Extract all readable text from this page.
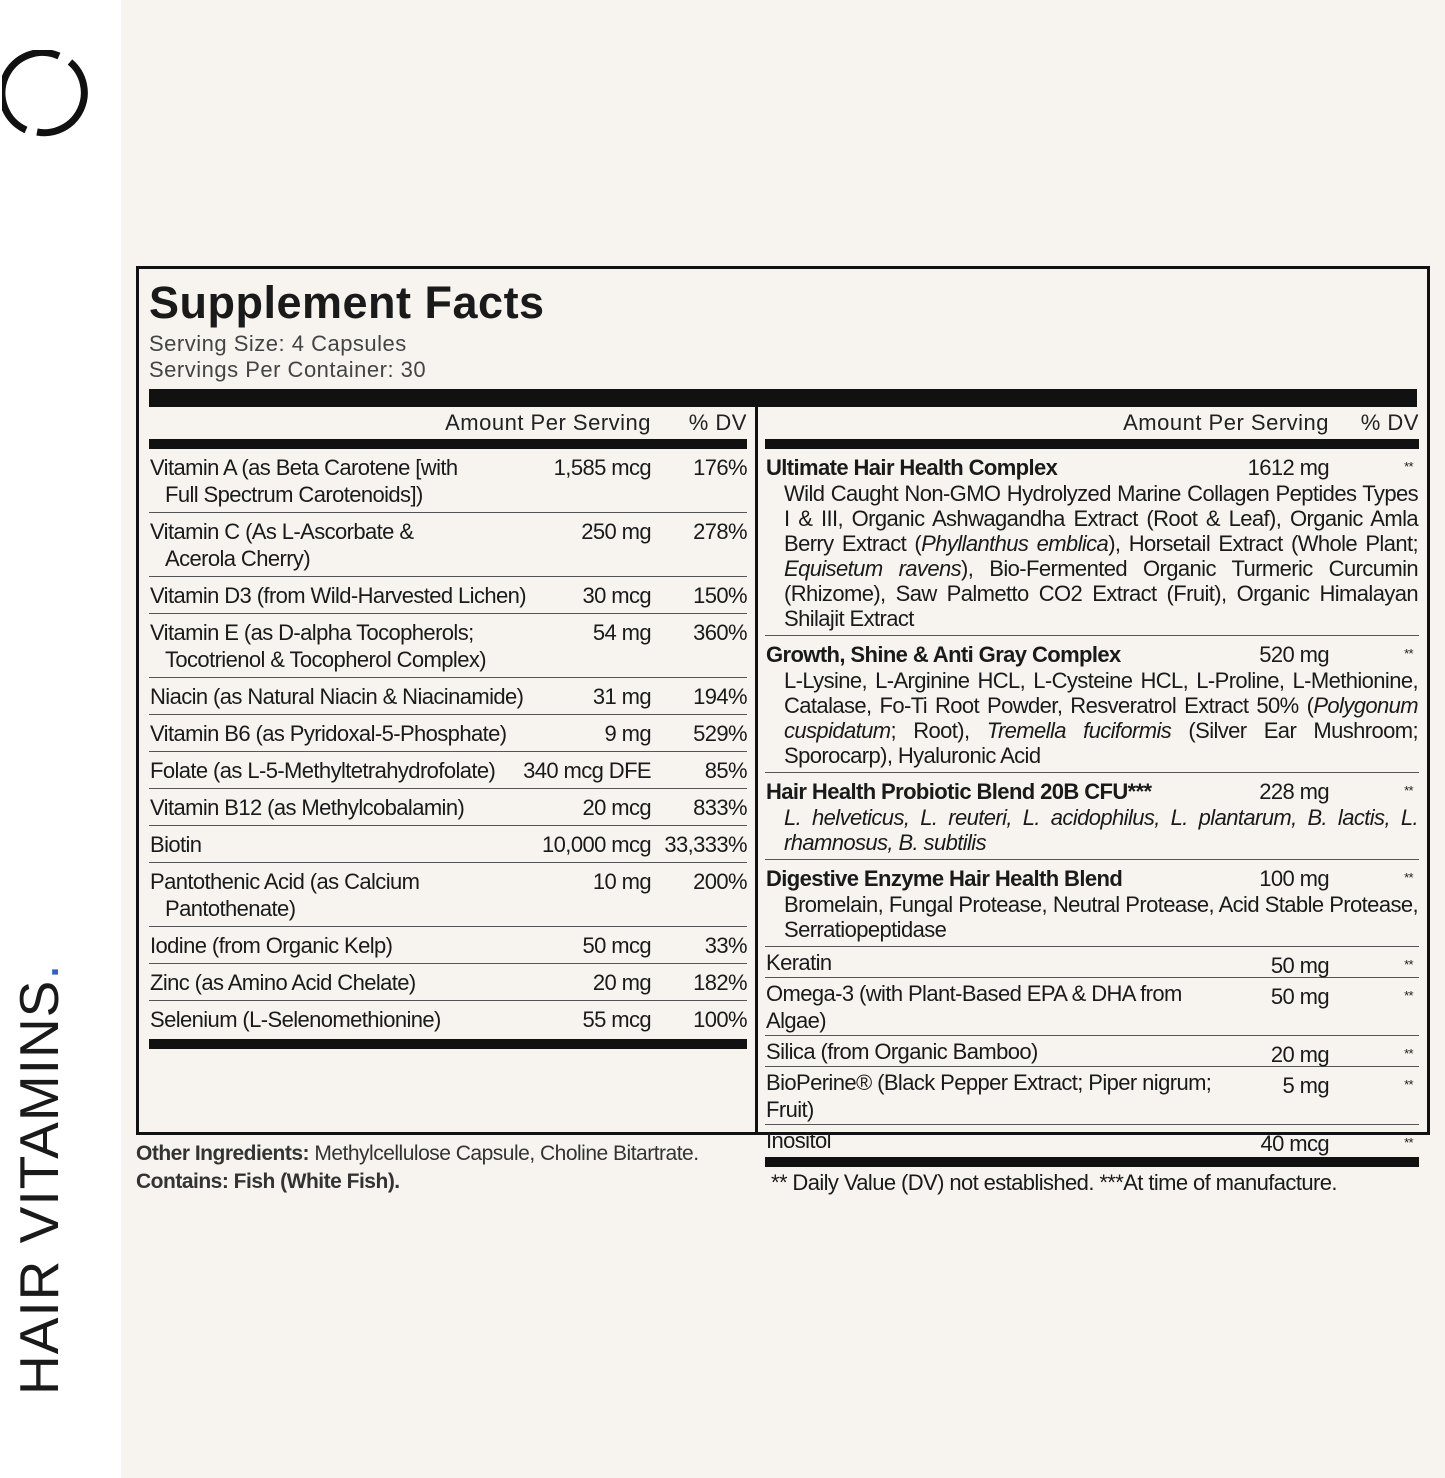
HAIR VITAMINS.
Supplement Facts
Serving Size: 4 Capsules
Servings Per Container: 30
Amount Per Serving % DV
Vitamin A (as Beta Carotene [with
Full Spectrum Carotenoids])
1,585 mcg 176%
Vitamin C (As L-Ascorbate &
Acerola Cherry)
250 mg 278%
Vitamin D3 (from Wild-Harvested Lichen)	30 mcg 150%
Vitamin E (as D-alpha Tocopherols;
Tocotrienol & Tocopherol Complex)
54 mg 360%
Niacin (as Natural Niacin & Niacinamide)	31 mg 194%
Vitamin B6 (as Pyridoxal-5-Phosphate)	9 mg 529%
Folate (as L-5-Methyltetrahydrofolate)	340 mcg DFE 85%
Vitamin B12 (as Methylcobalamin)	20 mcg 833%
Biotin	10,000 mcg 33,333%
Pantothenic Acid (as Calcium
Pantothenate)
10 mg 200%
Iodine (from Organic Kelp)	50 mcg 33%
Zinc (as Amino Acid Chelate)	20 mg 182%
Selenium (L-Selenomethionine)	55 mcg 100%
Amount Per Serving % DV
Ultimate Hair Health Complex	1612 mg	**
Wild Caught Non-GMO Hydrolyzed Marine Collagen Peptides Types I & III, Organic Ashwagandha Extract (Root & Leaf), Organic Amla Berry Extract (Phyllanthus emblica), Horsetail Extract (Whole Plant; Equisetum ravens), Bio-Fermented Organic Turmeric Curcumin (Rhizome), Saw Palmetto CO2 Extract (Fruit), Organic Himalayan Shilajit Extract
Growth, Shine & Anti Gray Complex	520 mg	**
L-Lysine, L-Arginine HCL, L-Cysteine HCL, L-Proline, L-Methionine, Catalase, Fo-Ti Root Powder, Resveratrol Extract 50% (Polygonum cuspidatum; Root), Tremella fuciformis (Silver Ear Mushroom; Sporocarp), Hyaluronic Acid
Hair Health Probiotic Blend 20B CFU***	228 mg	**
L. helveticus, L. reuteri, L. acidophilus, L. plantarum, B. lactis, L. rhamnosus, B. subtilis
Digestive Enzyme Hair Health Blend	100 mg	**
Bromelain, Fungal Protease, Neutral Protease, Acid Stable Protease, Serratiopeptidase
Keratin	50 mg	**
Omega-3 (with Plant-Based EPA & DHA from Algae)
50 mg	**
Silica (from Organic Bamboo)	20 mg	**
BioPerine® (Black Pepper Extract; Piper nigrum; Fruit)
5 mg	**
Inositol	40 mcg	**
** Daily Value (DV) not established. ***At time of manufacture.
Other Ingredients: Methylcellulose Capsule, Choline Bitartrate.
Contains: Fish (White Fish).
